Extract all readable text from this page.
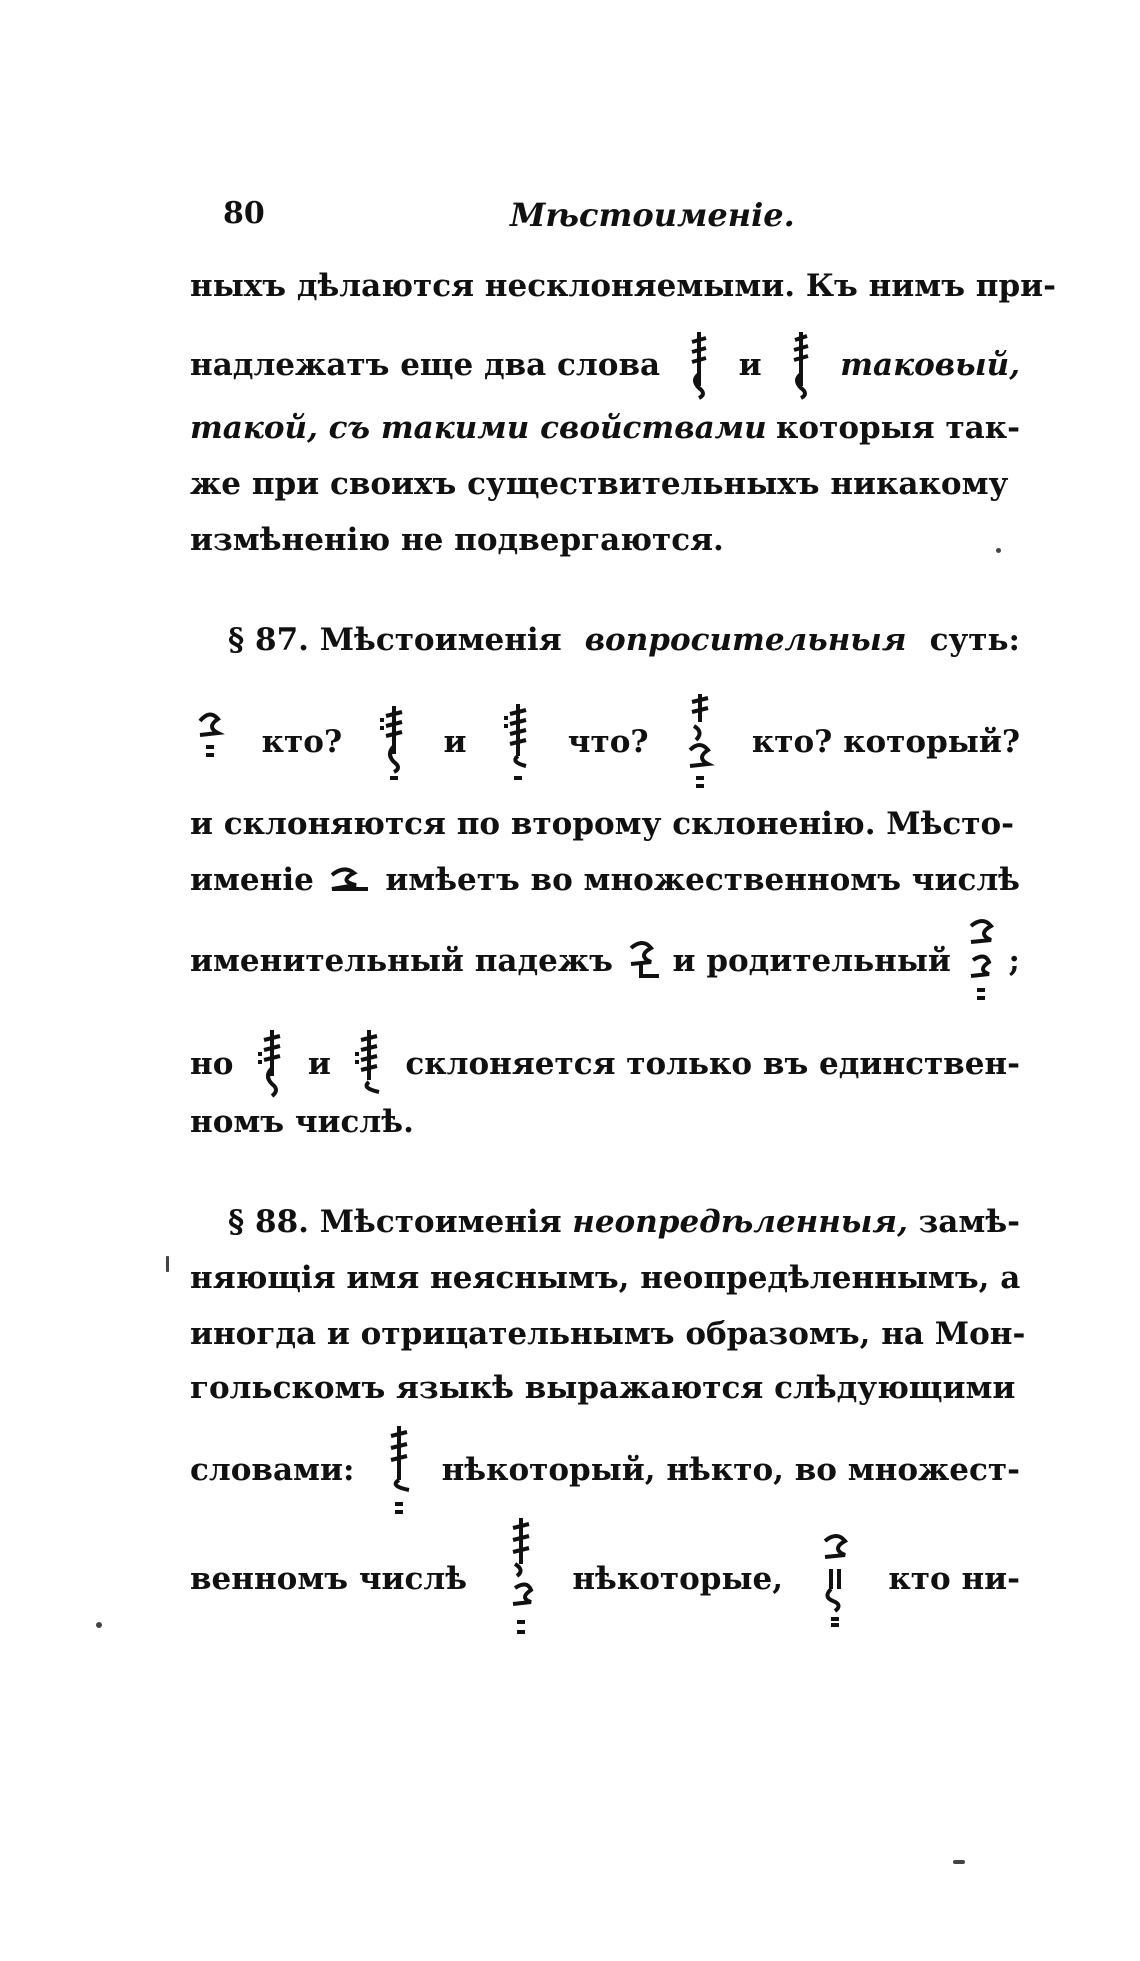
80	Мѣстоименіе.
ныхъ дѣлаются несклоняемыми. Къ нимъ при-
надлежатъ еще два слова	и	таковый,
такой, съ такими свойствами которыя так-
же при своихъ существительныхъ никакому
измѣненію не подвергаются.
§ 87. Мѣстоименія вопросительныя суть:
кто?	и	что?	кто? который?
и склоняются по второму склоненію. Мѣсто-
именіе имѣетъ во множественномъ числѣ
именительный падежъ и родительный ;
но и склоняется только въ единствен-
номъ числѣ.
§ 88. Мѣстоименія неопредѣленныя, замѣ-
няющія имя неяснымъ, неопредѣленнымъ, а
иногда и отрицательнымъ образомъ, на Мон-
гольскомъ языкѣ выражаются слѣдующими
словами:	нѣкоторый, нѣкто, во множест-
венномъ числѣ	нѣкоторые,	кто ни-
